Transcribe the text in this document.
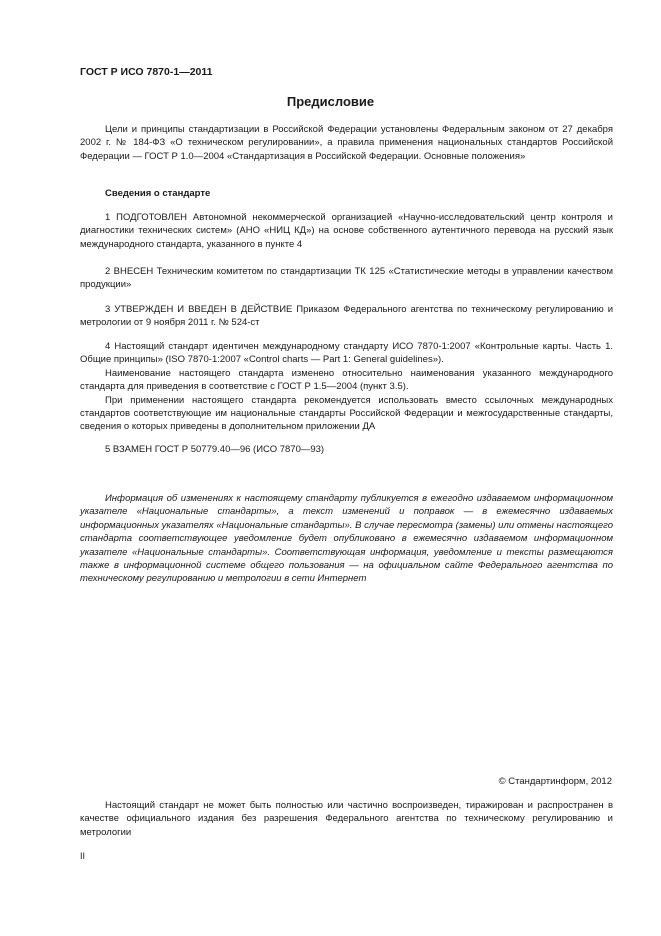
ГОСТ Р ИСО 7870-1—2011
Предисловие

Цели и принципы стандартизации в Российской Федерации установлены Федеральным законом от 27 декабря 2002 г. № 184-ФЗ «О техническом регулировании», а правила применения национальных стандартов Российской Федерации — ГОСТ Р 1.0—2004 «Стандартизация в Российской Федерации. Основные положения»

Сведения о стандарте

1 ПОДГОТОВЛЕН Автономной некоммерческой организацией «Научно-исследовательский центр контроля и диагностики технических систем» (АНО «НИЦ КД») на основе собственного аутентичного перевода на русский язык международного стандарта, указанного в пункте 4

2 ВНЕСЕН Техническим комитетом по стандартизации ТК 125 «Статистические методы в управлении качеством продукции»

3 УТВЕРЖДЕН И ВВЕДЕН В ДЕЙСТВИЕ Приказом Федерального агентства по техническому регулированию и метрологии от 9 ноября 2011 г. № 524-ст

4 Настоящий стандарт идентичен международному стандарту ИСО 7870-1:2007 «Контрольные карты. Часть 1. Общие принципы» (ISO 7870-1:2007 «Control charts — Part 1: General guidelines»).

Наименование настоящего стандарта изменено относительно наименования указанного международного стандарта для приведения в соответствие с ГОСТ Р 1.5—2004 (пункт 3.5).

При применении настоящего стандарта рекомендуется использовать вместо ссылочных международных стандартов соответствующие им национальные стандарты Российской Федерации и межгосударственные стандарты, сведения о которых приведены в дополнительном приложении ДА

5 ВЗАМЕН ГОСТ Р 50779.40—96 (ИСО 7870—93)

Информация об изменениях к настоящему стандарту публикуется в ежегодно издаваемом информационном указателе «Национальные стандарты», а текст изменений и поправок — в ежемесячно издаваемых информационных указателях «Национальные стандарты». В случае пересмотра (замены) или отмены настоящего стандарта соответствующее уведомление будет опубликовано в ежемесячно издаваемом информационном указателе «Национальные стандарты». Соответствующая информация, уведомление и тексты размещаются также в информационной системе общего пользования — на официальном сайте Федерального агентства по техническому регулированию и метрологии в сети Интернет

© Стандартинформ, 2012

Настоящий стандарт не может быть полностью или частично воспроизведен, тиражирован и распространен в качестве официального издания без разрешения Федерального агентства по техническому регулированию и метрологии

II
